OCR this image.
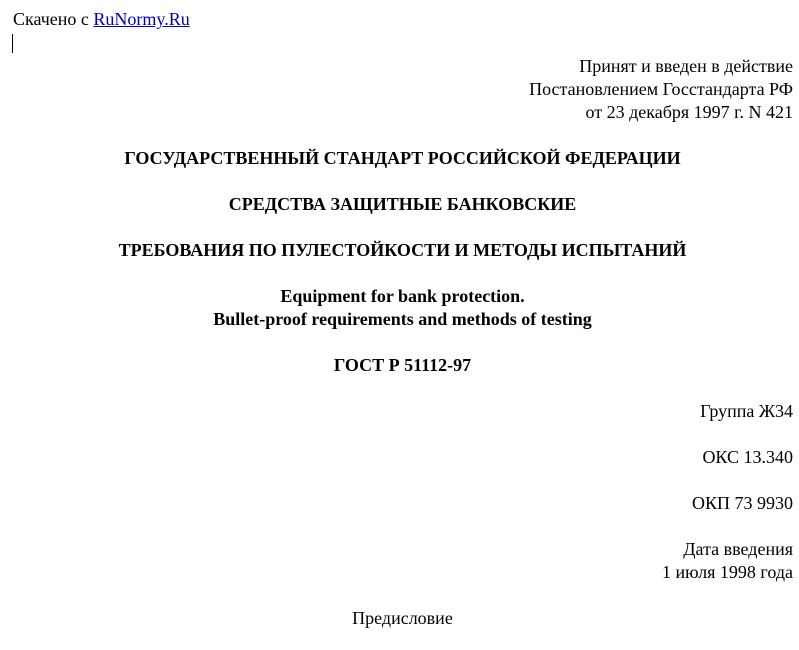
Скачено с RuNormy.Ru
Принят и введен в действие
Постановлением Госстандарта РФ
от 23 декабря 1997 г. N 421
ГОСУДАРСТВЕННЫЙ СТАНДАРТ РОССИЙСКОЙ ФЕДЕРАЦИИ
СРЕДСТВА ЗАЩИТНЫЕ БАНКОВСКИЕ
ТРЕБОВАНИЯ ПО ПУЛЕСТОЙКОСТИ И МЕТОДЫ ИСПЫТАНИЙ
Equipment for bank protection.
Bullet-proof requirements and methods of testing
ГОСТ Р 51112-97
Группа Ж34
ОКС 13.340
ОКП 73 9930
Дата введения
1 июля 1998 года
Предисловие
